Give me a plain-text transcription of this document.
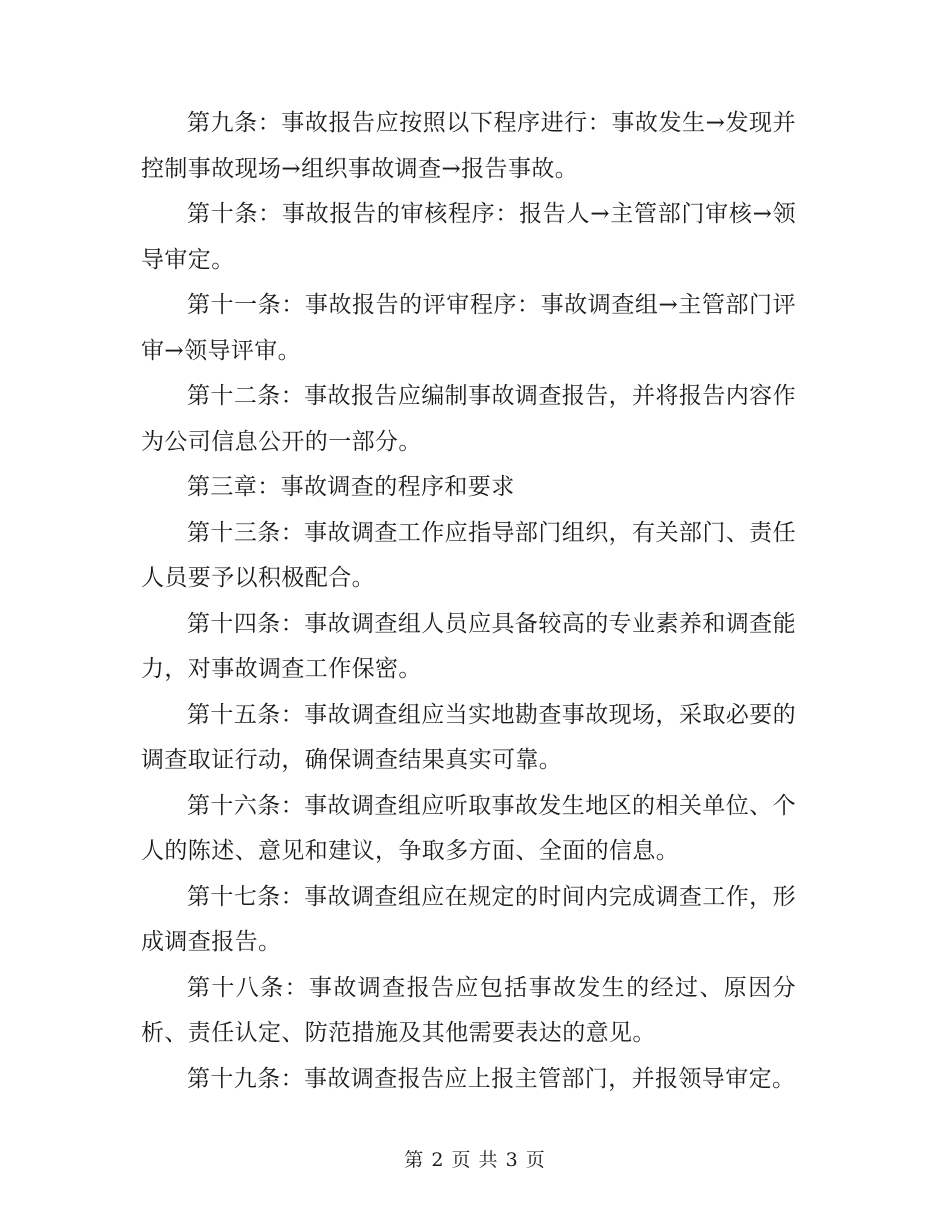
第九条：事故报告应按照以下程序进行：事故发生→发现并控制事故现场→组织事故调查→报告事故。

第十条：事故报告的审核程序：报告人→主管部门审核→领导审定。

第十一条：事故报告的评审程序：事故调查组→主管部门评审→领导评审。

第十二条：事故报告应编制事故调查报告，并将报告内容作为公司信息公开的一部分。

第三章：事故调查的程序和要求

第十三条：事故调查工作应指导部门组织，有关部门、责任人员要予以积极配合。

第十四条：事故调查组人员应具备较高的专业素养和调查能力，对事故调查工作保密。

第十五条：事故调查组应当实地勘查事故现场，采取必要的调查取证行动，确保调查结果真实可靠。

第十六条：事故调查组应听取事故发生地区的相关单位、个人的陈述、意见和建议，争取多方面、全面的信息。

第十七条：事故调查组应在规定的时间内完成调查工作，形成调查报告。

第十八条：事故调查报告应包括事故发生的经过、原因分析、责任认定、防范措施及其他需要表达的意见。

第十九条：事故调查报告应上报主管部门，并报领导审定。

第 2 页 共 3 页
